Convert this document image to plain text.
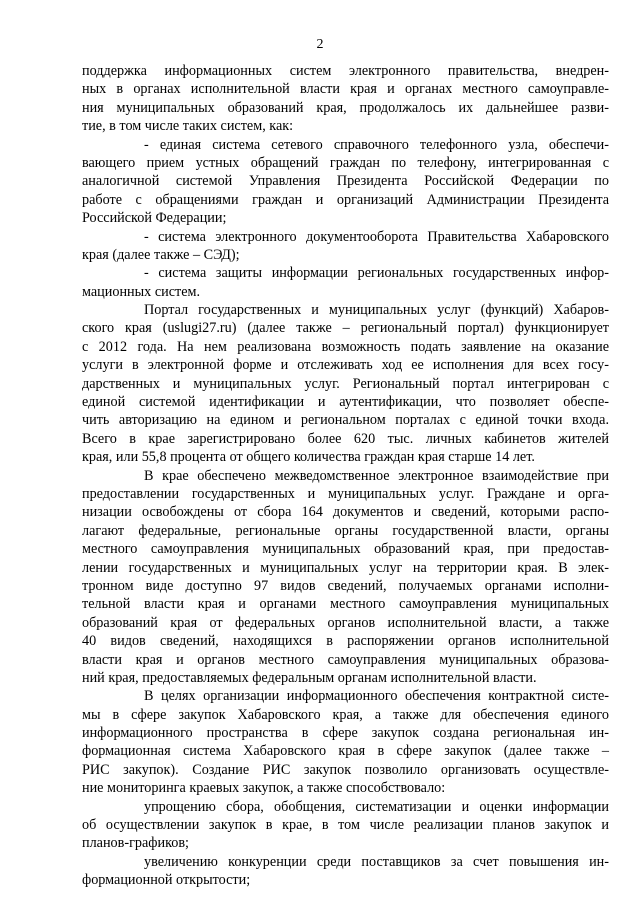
2
поддержка информационных систем электронного правительства, внедрен-
ных в органах исполнительной власти края и органах местного самоуправле-
ния муниципальных образований края, продолжалось их дальнейшее разви-
тие, в том числе таких систем, как:
- единая система сетевого справочного телефонного узла, обеспечи-
вающего прием устных обращений граждан по телефону, интегрированная с
аналогичной системой Управления Президента Российской Федерации по
работе с обращениями граждан и организаций Администрации Президента
Российской Федерации;
- система электронного документооборота Правительства Хабаровского
края (далее также – СЭД);
- система защиты информации региональных государственных инфор-
мационных систем.
Портал государственных и муниципальных услуг (функций) Хабаров-
ского края (uslugi27.ru) (далее также – региональный портал) функционирует
с 2012 года. На нем реализована возможность подать заявление на оказание
услуги в электронной форме и отслеживать ход ее исполнения для всех госу-
дарственных и муниципальных услуг. Региональный портал интегрирован с
единой системой идентификации и аутентификации, что позволяет обеспе-
чить авторизацию на едином и региональном порталах с единой точки входа.
Всего в крае зарегистрировано более 620 тыс. личных кабинетов жителей
края, или 55,8 процента от общего количества граждан края старше 14 лет.
В крае обеспечено межведомственное электронное взаимодействие при
предоставлении государственных и муниципальных услуг. Граждане и орга-
низации освобождены от сбора 164 документов и сведений, которыми распо-
лагают федеральные, региональные органы государственной власти, органы
местного самоуправления муниципальных образований края, при предостав-
лении государственных и муниципальных услуг на территории края. В элек-
тронном виде доступно 97 видов сведений, получаемых органами исполни-
тельной власти края и органами местного самоуправления муниципальных
образований края от федеральных органов исполнительной власти, а также
40 видов сведений, находящихся в распоряжении органов исполнительной
власти края и органов местного самоуправления муниципальных образова-
ний края, предоставляемых федеральным органам исполнительной власти.
В целях организации информационного обеспечения контрактной систе-
мы в сфере закупок Хабаровского края, а также для обеспечения единого
информационного пространства в сфере закупок создана региональная ин-
формационная система Хабаровского края в сфере закупок (далее также –
РИС закупок). Создание РИС закупок позволило организовать осуществле-
ние мониторинга краевых закупок, а также способствовало:
упрощению сбора, обобщения, систематизации и оценки информации
об осуществлении закупок в крае, в том числе реализации планов закупок и
планов-графиков;
увеличению конкуренции среди поставщиков за счет повышения ин-
формационной открытости;
